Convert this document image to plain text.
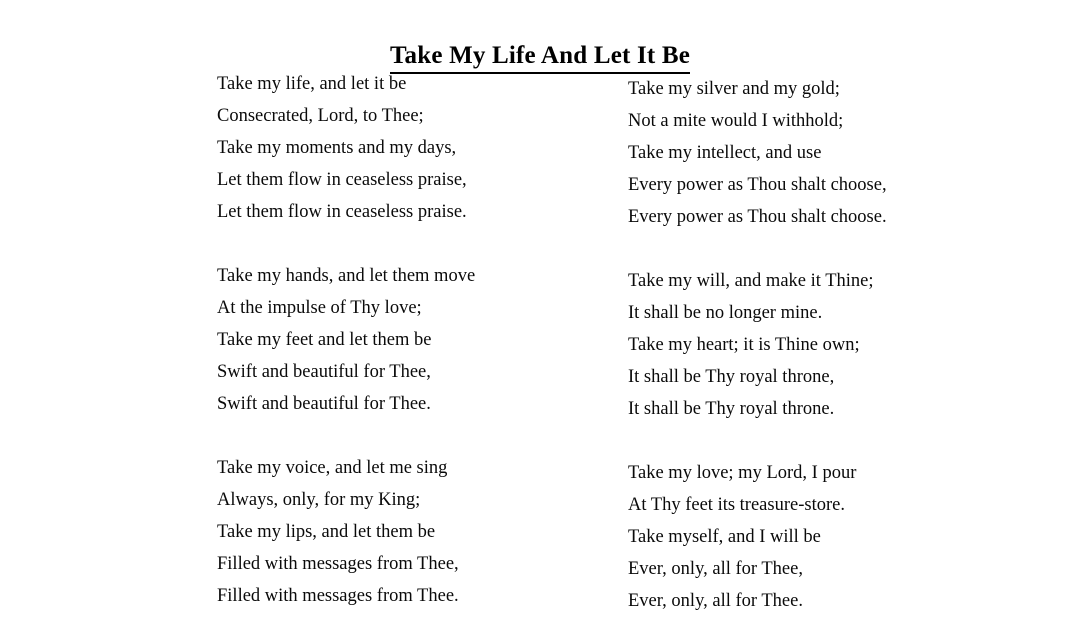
Take My Life And Let It Be
Take my life, and let it be
Consecrated, Lord, to Thee;
Take my moments and my days,
Let them flow in ceaseless praise,
Let them flow in ceaseless praise.
Take my hands, and let them move
At the impulse of Thy love;
Take my feet and let them be
Swift and beautiful for Thee,
Swift and beautiful for Thee.
Take my voice, and let me sing
Always, only, for my King;
Take my lips, and let them be
Filled with messages from Thee,
Filled with messages from Thee.
Take my silver and my gold;
Not a mite would I withhold;
Take my intellect, and use
Every power as Thou shalt choose,
Every power as Thou shalt choose.
Take my will, and make it Thine;
It shall be no longer mine.
Take my heart; it is Thine own;
It shall be Thy royal throne,
It shall be Thy royal throne.
Take my love; my Lord, I pour
At Thy feet its treasure-store.
Take myself, and I will be
Ever, only, all for Thee,
Ever, only, all for Thee.
